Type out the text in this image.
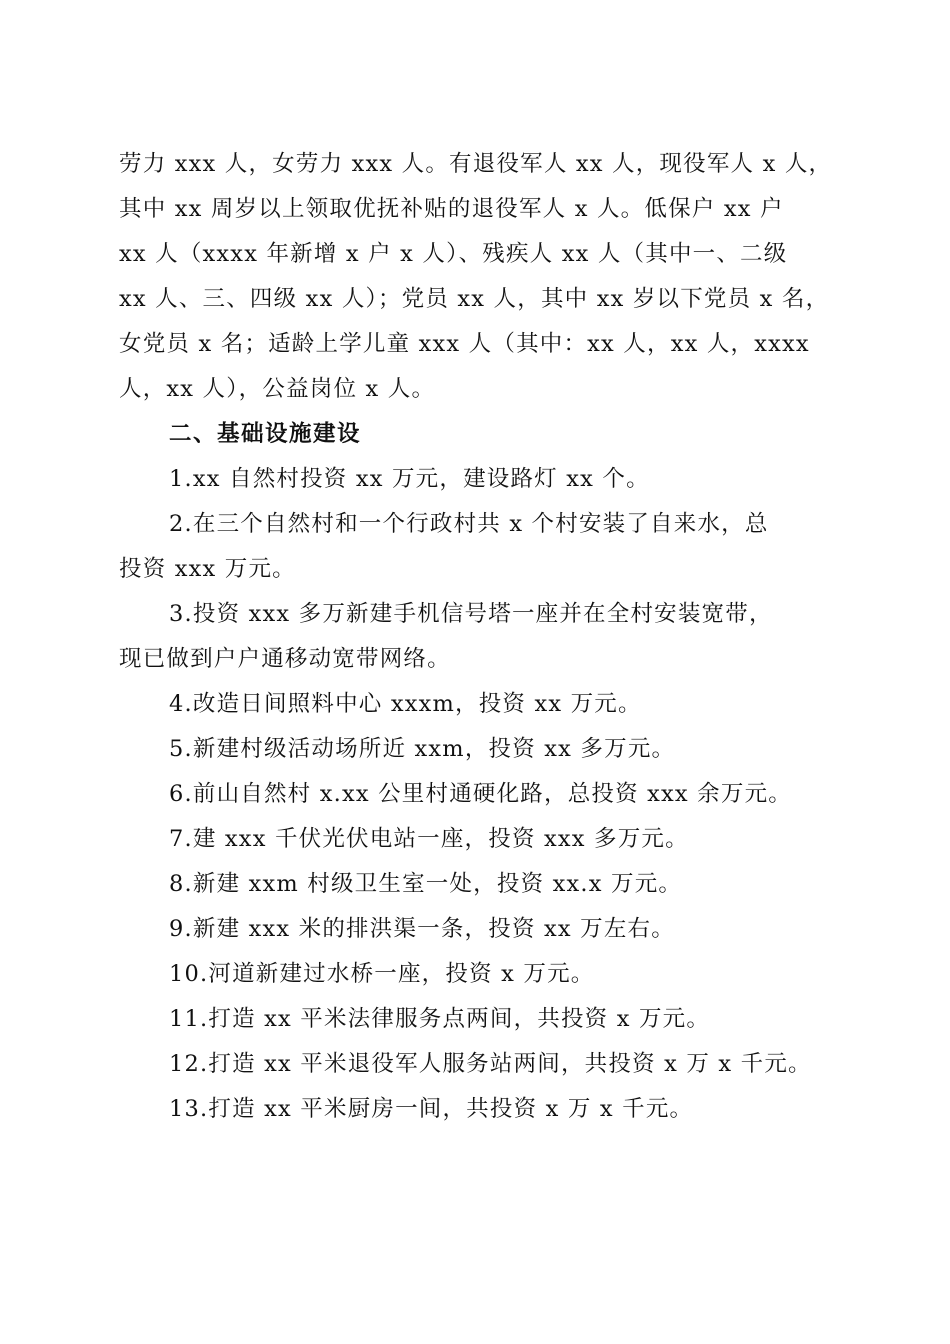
劳力 xxx 人，女劳力 xxx 人。有退役军人 xx 人，现役军人 x 人，
其中 xx 周岁以上领取优抚补贴的退役军人 x 人。低保户 xx 户
xx 人（xxxx 年新增 x 户 x 人）、残疾人 xx 人（其中一、二级
xx 人、三、四级 xx 人）；党员 xx 人，其中 xx 岁以下党员 x 名，
女党员 x 名；适龄上学儿童 xxx 人（其中：xx 人，xx 人，xxxx
人，xx 人），公益岗位 x 人。
二、基础设施建设
1.xx 自然村投资 xx 万元，建设路灯 xx 个。
2.在三个自然村和一个行政村共 x 个村安装了自来水，总
投资 xxx 万元。
3.投资 xxx 多万新建手机信号塔一座并在全村安装宽带，
现已做到户户通移动宽带网络。
4.改造日间照料中心 xxxm，投资 xx 万元。
5.新建村级活动场所近 xxm，投资 xx 多万元。
6.前山自然村 x.xx 公里村通硬化路，总投资 xxx 余万元。
7.建 xxx 千伏光伏电站一座，投资 xxx 多万元。
8.新建 xxm 村级卫生室一处，投资 xx.x 万元。
9.新建 xxx 米的排洪渠一条，投资 xx 万左右。
10.河道新建过水桥一座，投资 x 万元。
11.打造 xx 平米法律服务点两间，共投资 x 万元。
12.打造 xx 平米退役军人服务站两间，共投资 x 万 x 千元。
13.打造 xx 平米厨房一间，共投资 x 万 x 千元。
